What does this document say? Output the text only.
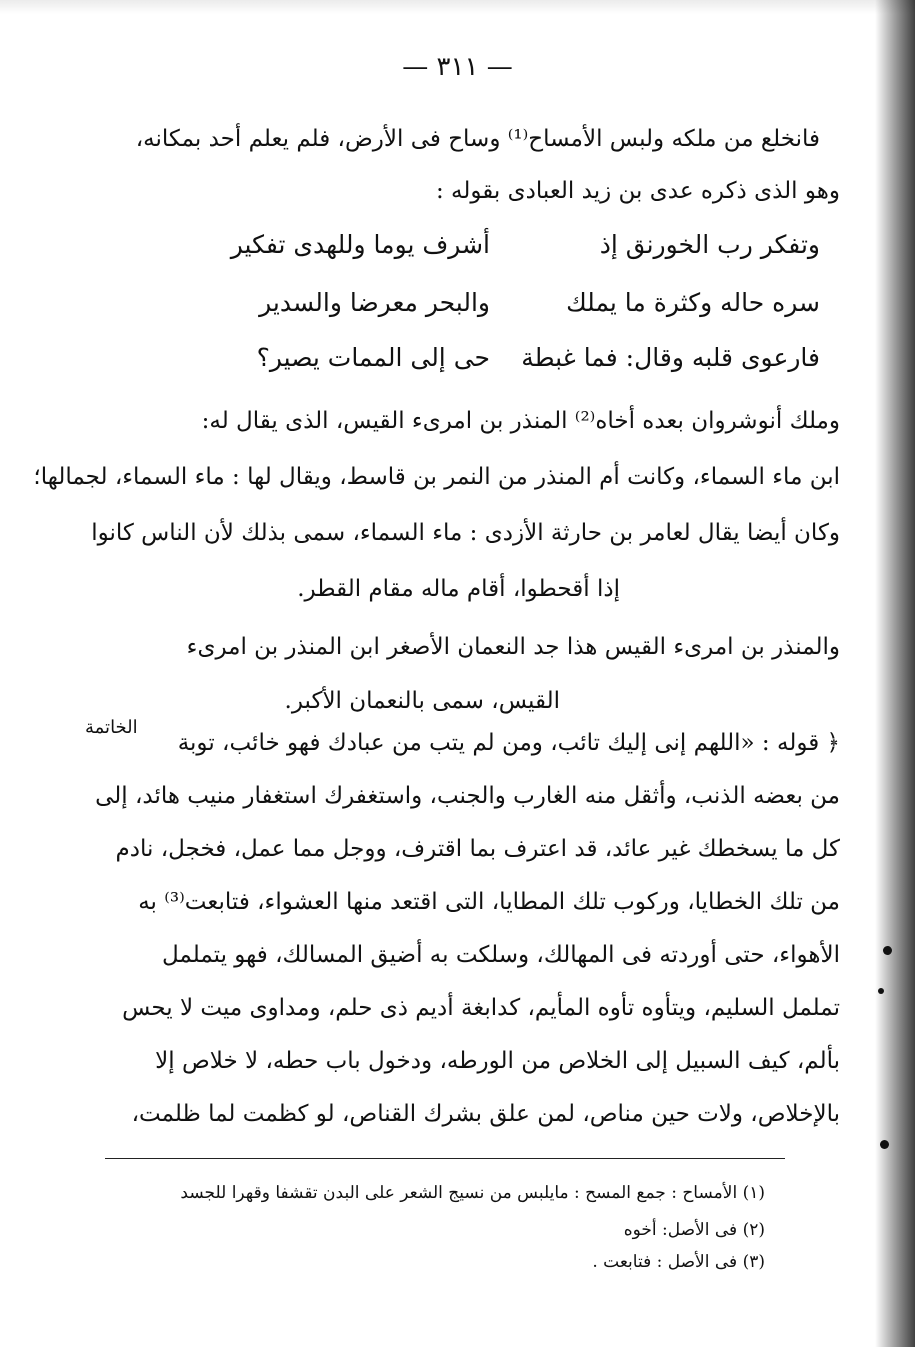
— ٣١١ —
فانخلع من ملكه ولبس الأمساح⁽¹⁾ وساح فى الأرض، فلم يعلم أحد بمكانه،
وهو الذى ذكره عدى بن زيد العبادى بقوله :
وتفكر رب الخورنق إذ
أشرف يوما وللهدى تفكير
سره حاله وكثرة ما يملك
والبحر معرضا والسدير
فارعوى قلبه وقال: فما غبطة
حى إلى الممات يصير؟
وملك أنوشروان بعده أخاه⁽²⁾ المنذر بن امرىء القيس، الذى يقال له:
ابن ماء السماء، وكانت أم المنذر من النمر بن قاسط، ويقال لها : ماء السماء، لجمالها؛
وكان أيضا يقال لعامر بن حارثة الأزدى : ماء السماء، سمى بذلك لأن الناس كانوا
إذا أقحطوا، أقام ماله مقام القطر.
والمنذر بن امرىء القيس هذا جد النعمان الأصغر ابن المنذر بن امرىء
القيس، سمى بالنعمان الأكبر.
الخاتمة
﴿ قوله : «اللهم إنى إليك تائب، ومن لم يتب من عبادك فهو خائب، توبة
من بعضه الذنب، وأثقل منه الغارب والجنب، واستغفرك استغفار منيب هائد، إلى
كل ما يسخطك غير عائد، قد اعترف بما اقترف، ووجل مما عمل، فخجل، نادم
من تلك الخطايا، وركوب تلك المطايا، التى اقتعد منها العشواء، فتابعت⁽³⁾ به
الأهواء، حتى أوردته فى المهالك، وسلكت به أضيق المسالك، فهو يتململ
تململ السليم، ويتأوه تأوه المأيم، كدابغة أديم ذى حلم، ومداوى ميت لا يحس
بألم، كيف السبيل إلى الخلاص من الورطه، ودخول باب حطه، لا خلاص إلا
بالإخلاص، ولات حين مناص، لمن علق بشرك القناص، لو كظمت لما ظلمت،
(١) الأمساح : جمع المسح : مايلبس من نسيج الشعر على البدن تقشفا وقهرا للجسد
(٢) فى الأصل: أخوه
(٣) فى الأصل : فتابعت .
